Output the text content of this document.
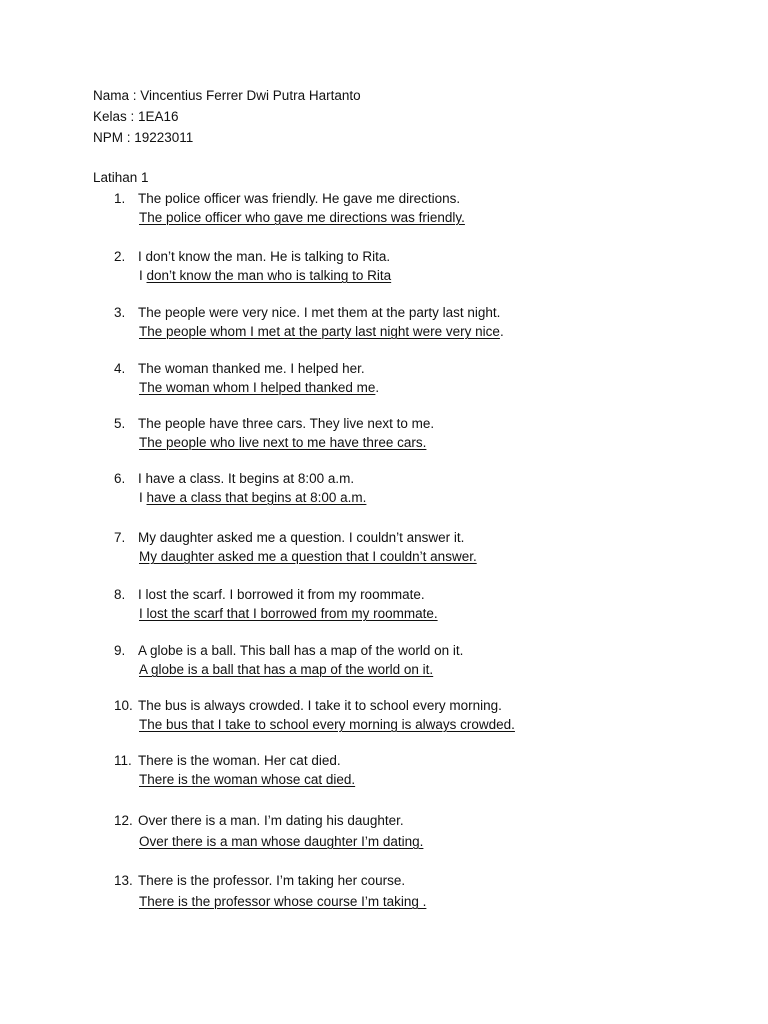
Nama : Vincentius Ferrer Dwi Putra Hartanto
Kelas : 1EA16
NPM : 19223011
Latihan 1
1. The police officer was friendly. He gave me directions.
The police officer who gave me directions was friendly.
2. I don’t know the man. He is talking to Rita.
I don’t know the man who is talking to Rita
3. The people were very nice. I met them at the party last night.
The people whom I met at the party last night were very nice.
4. The woman thanked me. I helped her.
The woman whom I helped thanked me.
5. The people have three cars. They live next to me.
The people who live next to me have three cars.
6. I have a class. It begins at 8:00 a.m.
I have a class that begins at 8:00 a.m.
7. My daughter asked me a question. I couldn’t answer it.
My daughter asked me a question that I couldn’t answer.
8. I lost the scarf. I borrowed it from my roommate.
I lost the scarf that I borrowed from my roommate.
9. A globe is a ball. This ball has a map of the world on it.
A globe is a ball that has a map of the world on it.
10. The bus is always crowded. I take it to school every morning.
The bus that I take to school every morning is always crowded.
11. There is the woman. Her cat died.
There is the woman whose cat died.
12. Over there is a man. I’m dating his daughter.
Over there is a man whose daughter I’m dating.
13. There is the professor. I’m taking her course.
There is the professor whose course I’m taking .
